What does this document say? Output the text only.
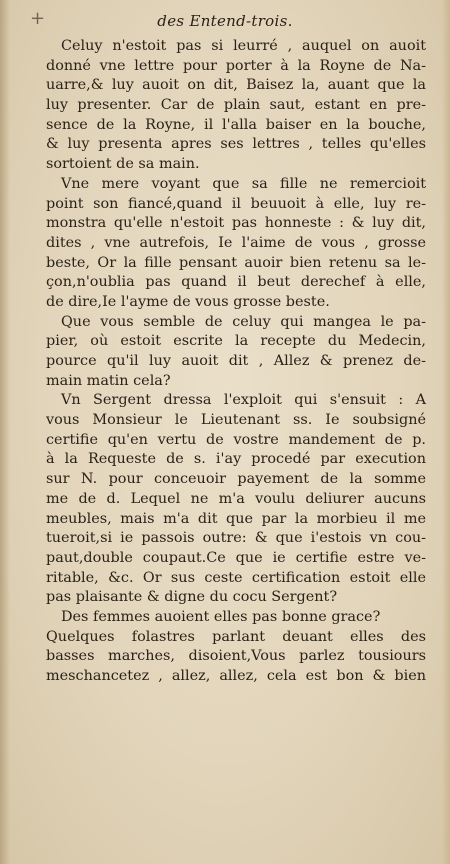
+	des Entend-trois.
Celuy n'estoit pas si leurré , auquel on auoit
donné vne lettre pour porter à la Royne de Na-
uarre,& luy auoit on dit, Baisez la, auant que la
luy presenter. Car de plain saut, estant en pre-
sence de la Royne, il l'alla baiser en la bouche,
& luy presenta apres ses lettres , telles qu'elles
sortoient de sa main.
Vne mere voyant que sa fille ne remercioit
point son fiancé,quand il beuuoit à elle, luy re-
monstra qu'elle n'estoit pas honneste : & luy dit,
dites , vne autrefois, Ie l'aime de vous , grosse
beste, Or la fille pensant auoir bien retenu sa le-
çon,n'oublia pas quand il beut derechef à elle,
de dire,Ie l'ayme de vous grosse beste.
Que vous semble de celuy qui mangea le pa-
pier, où estoit escrite la recepte du Medecin,
pource qu'il luy auoit dit , Allez & prenez de-
main matin cela?
Vn Sergent dressa l'exploit qui s'ensuit : A
vous Monsieur le Lieutenant ss. Ie soubsigné
certifie qu'en vertu de vostre mandement de p.
à la Requeste de s. i'ay procedé par execution
sur N. pour conceuoir payement de la somme
me de d. Lequel ne m'a voulu deliurer aucuns
meubles, mais m'a dit que par la morbieu il me
tueroit,si ie passois outre: & que i'estois vn cou-
paut,double coupaut.Ce que ie certifie estre ve-
ritable, &c. Or sus ceste certification estoit elle
pas plaisante & digne du cocu Sergent?
Des femmes auoient elles pas bonne grace?
Quelques folastres parlant deuant elles des
basses marches, disoient,Vous parlez tousiours
meschancetez , allez, allez, cela est bon & bien
